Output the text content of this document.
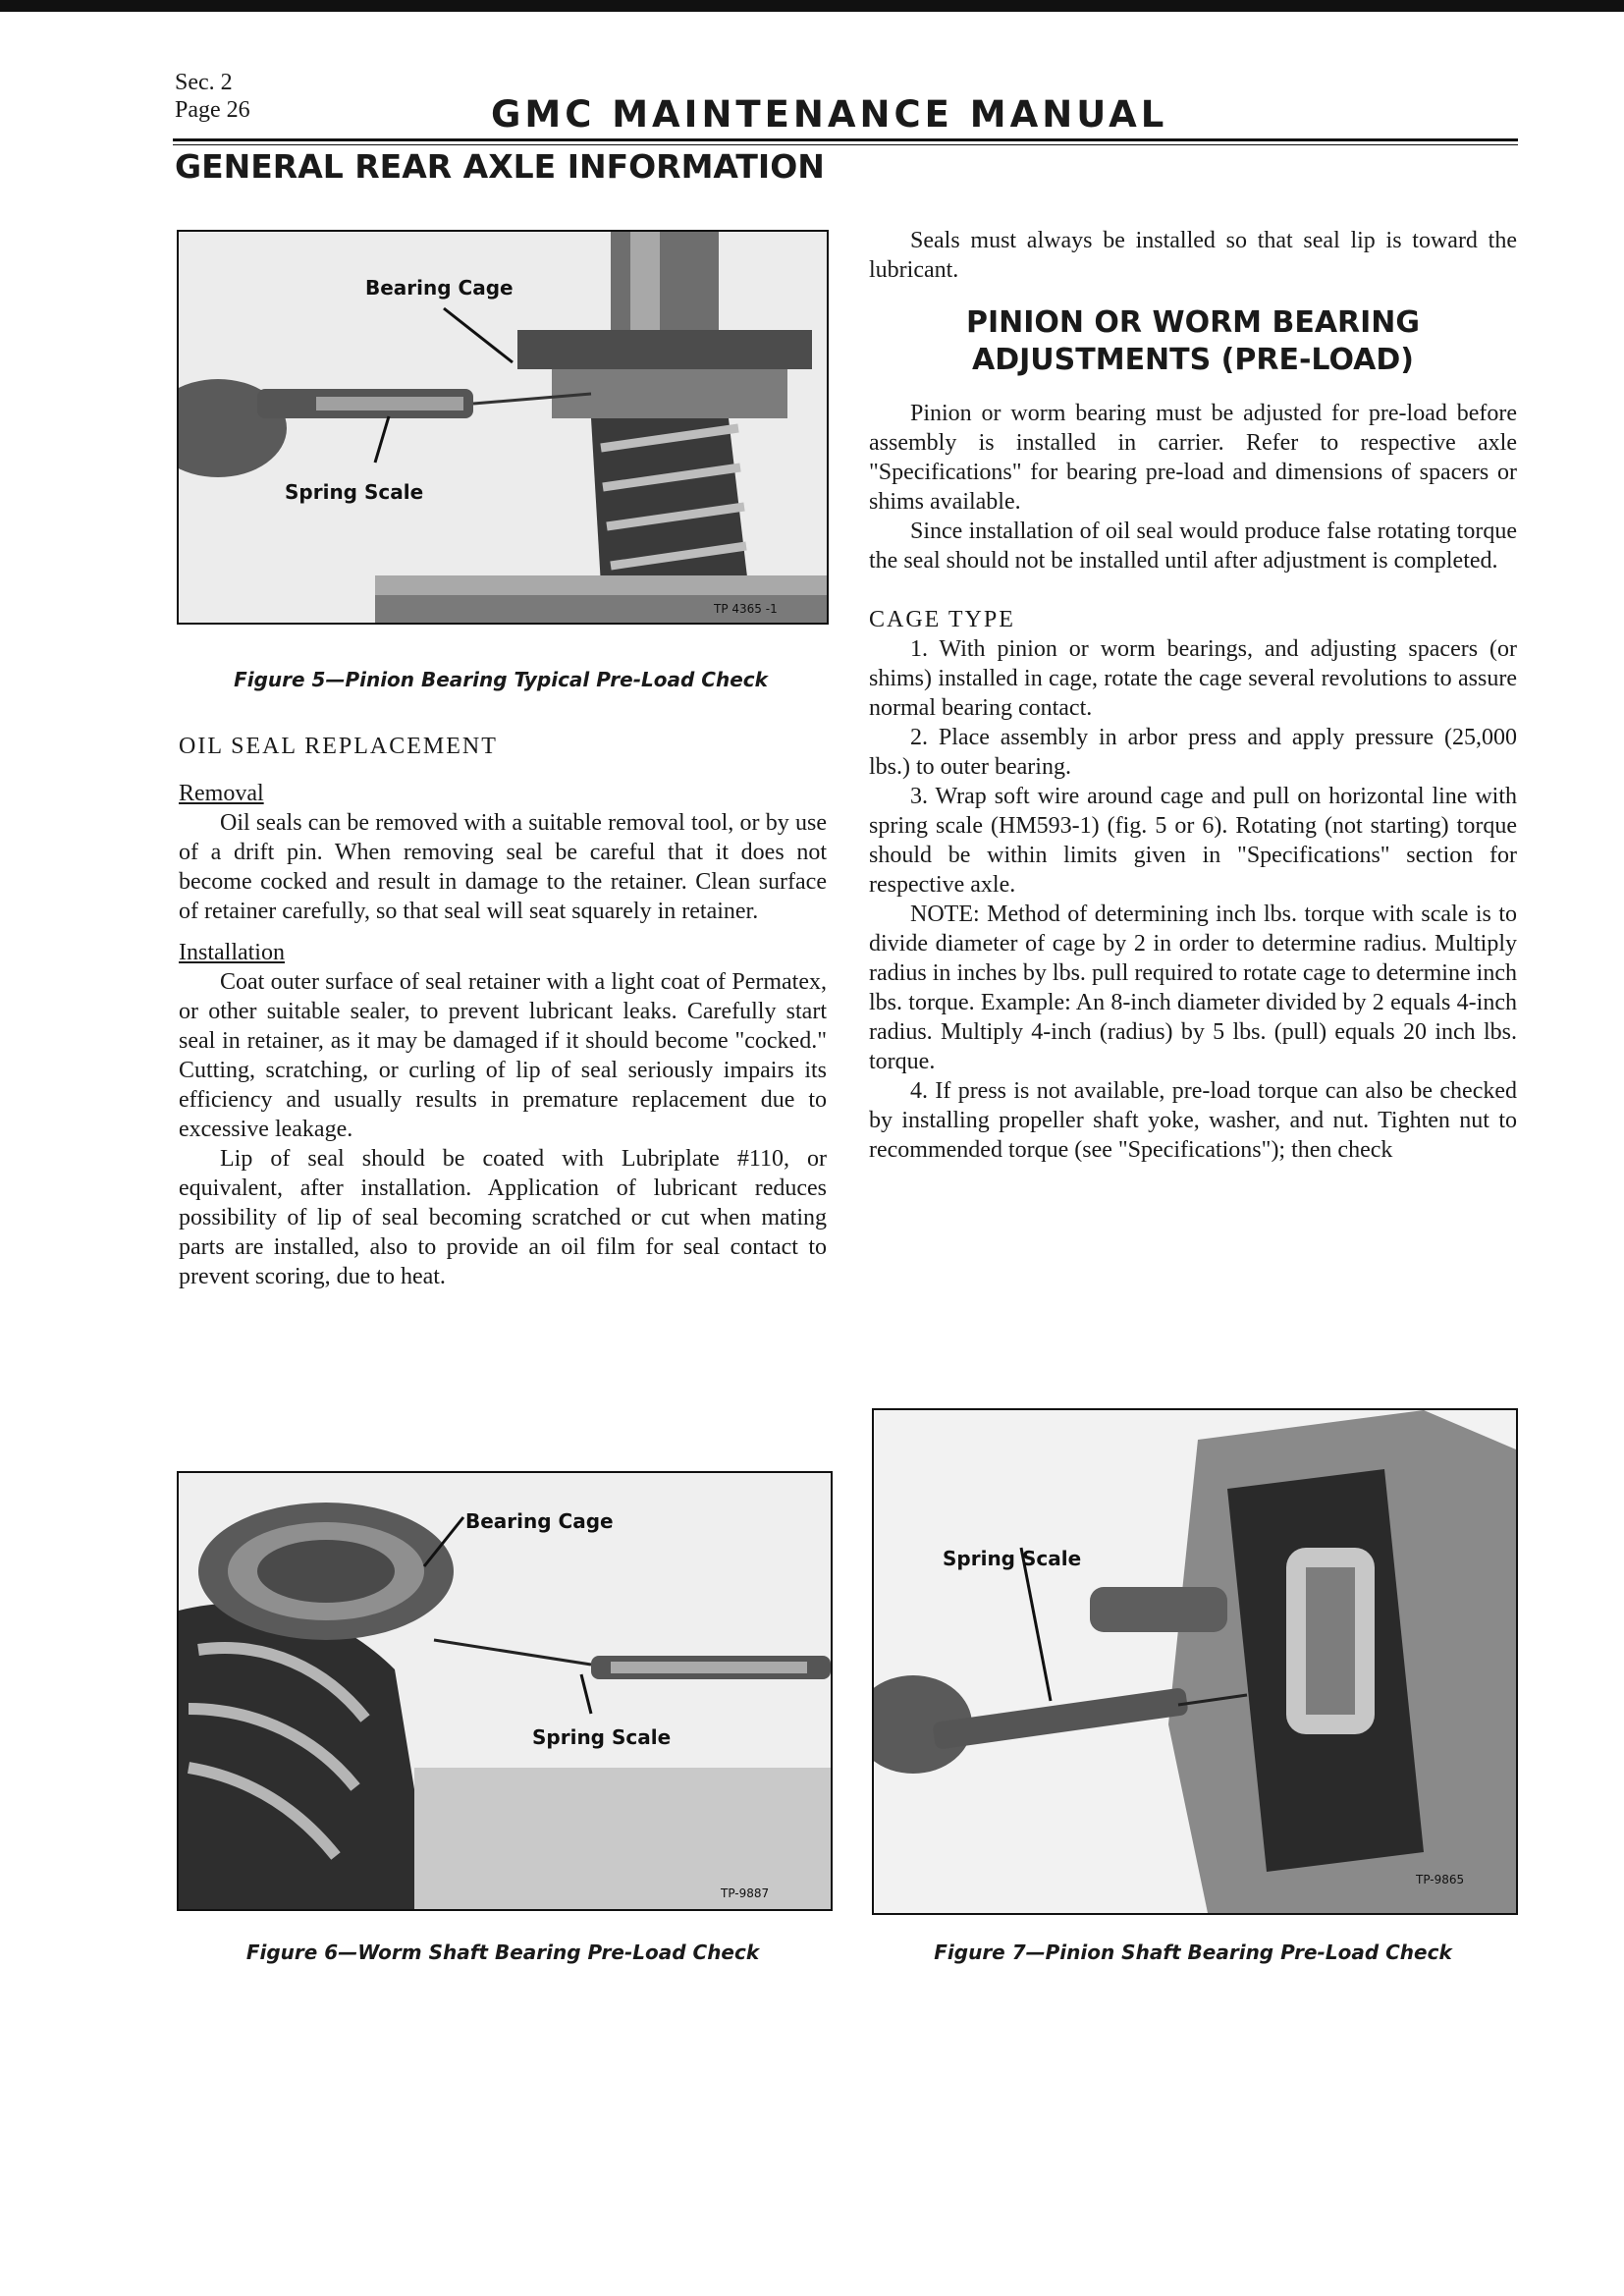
Sec. 2
Page 26	GMC MAINTENANCE MANUAL
GENERAL REAR AXLE INFORMATION
Bearing Cage
Spring Scale
TP 4365 -1
Figure 5—Pinion Bearing Typical Pre-Load Check

OIL SEAL REPLACEMENT

Removal

Oil seals can be removed with a suitable removal tool, or by use of a drift pin. When removing seal be careful that it does not become cocked and result in damage to the retainer. Clean surface of retainer carefully, so that seal will seat squarely in retainer.

Installation

Coat outer surface of seal retainer with a light coat of Permatex, or other suitable sealer, to prevent lubricant leaks. Carefully start seal in retainer, as it may be damaged if it should become "cocked." Cutting, scratching, or curling of lip of seal seriously impairs its efficiency and usually results in premature replacement due to excessive leakage.

Lip of seal should be coated with Lubriplate #110, or equivalent, after installation. Application of lubricant reduces possibility of lip of seal becoming scratched or cut when mating parts are installed, also to provide an oil film for seal contact to prevent scoring, due to heat.

Seals must always be installed so that seal lip is toward the lubricant.

PINION OR WORM BEARING

ADJUSTMENTS (PRE-LOAD)

Pinion or worm bearing must be adjusted for pre-load before assembly is installed in carrier. Refer to respective axle "Specifications" for bearing pre-load and dimensions of spacers or shims available.

Since installation of oil seal would produce false rotating torque the seal should not be installed until after adjustment is completed.

CAGE TYPE

1. With pinion or worm bearings, and adjusting spacers (or shims) installed in cage, rotate the cage several revolutions to assure normal bearing contact.

2. Place assembly in arbor press and apply pressure (25,000 lbs.) to outer bearing.

3. Wrap soft wire around cage and pull on horizontal line with spring scale (HM593-1) (fig. 5 or 6). Rotating (not starting) torque should be within limits given in "Specifications" section for respective axle.

NOTE: Method of determining inch lbs. torque with scale is to divide diameter of cage by 2 in order to determine radius. Multiply radius in inches by lbs. pull required to rotate cage to determine inch lbs. torque. Example: An 8-inch diameter divided by 2 equals 4-inch radius. Multiply 4-inch (radius) by 5 lbs. (pull) equals 20 inch lbs. torque.

4. If press is not available, pre-load torque can also be checked by installing propeller shaft yoke, washer, and nut. Tighten nut to recommended torque (see "Specifications"); then check

Bearing Cage
Spring Scale
TP-9887
Figure 6—Worm Shaft Bearing Pre-Load Check
Spring Scale
TP-9865
Figure 7—Pinion Shaft Bearing Pre-Load Check
